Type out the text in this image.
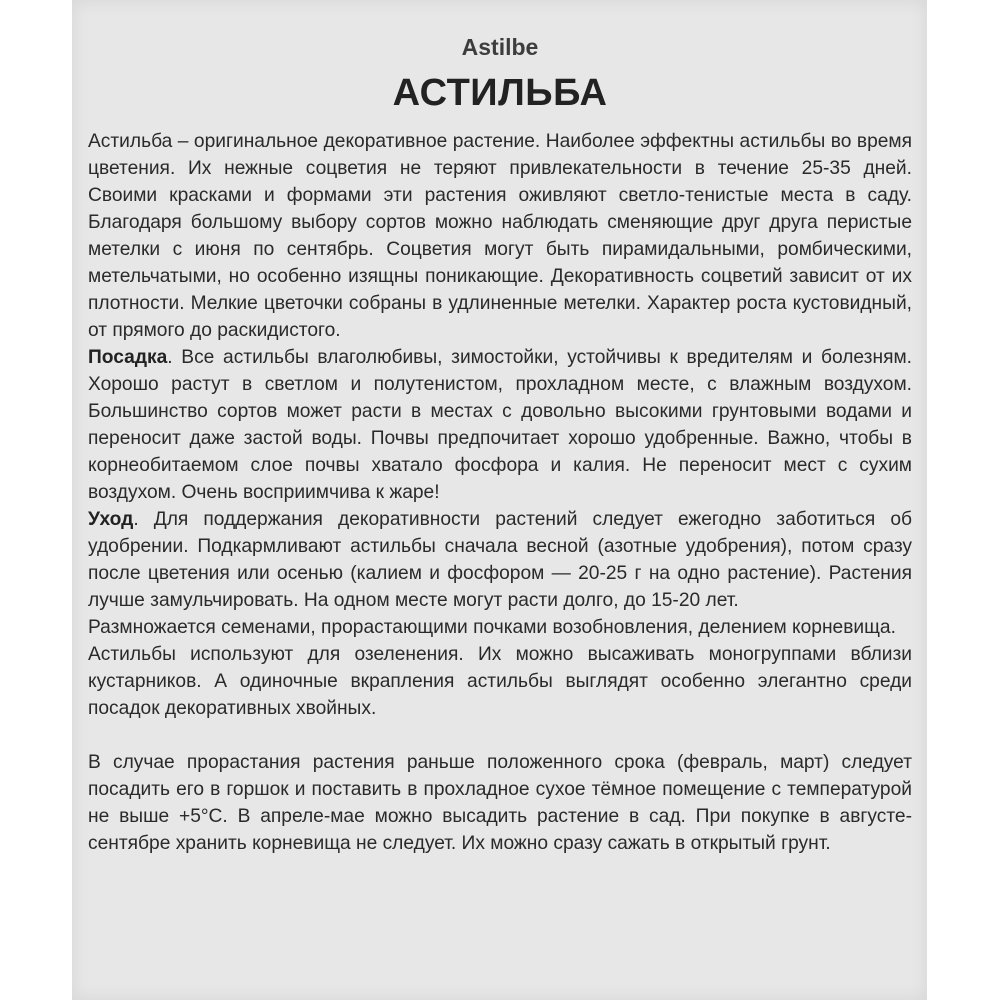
Astilbe
АСТИЛЬБА

Астильба – оригинальное декоративное растение. Наиболее эффектны астильбы во время цветения. Их нежные соцветия не теряют привлекательности в течение 25-35 дней. Своими красками и формами эти растения оживляют светло-тенистые места в саду. Благодаря большому выбору сортов можно наблюдать сменяющие друг друга перистые метелки с июня по сентябрь. Соцветия могут быть пирамидальными, ромбическими, метельчатыми, но особенно изящны поникающие. Декоративность соцветий зависит от их плотности. Мелкие цветочки собраны в удлиненные метелки. Характер роста кустовидный, от прямого до раскидистого.

Посадка. Все астильбы влаголюбивы, зимостойки, устойчивы к вредителям и болезням. Хорошо растут в светлом и полутенистом, прохладном месте, с влажным воздухом. Большинство сортов может расти в местах с довольно высокими грунтовыми водами и переносит даже застой воды. Почвы предпочитает хорошо удобренные. Важно, чтобы в корнеобитаемом слое почвы хватало фосфора и калия. Не переносит мест с сухим воздухом. Очень восприимчива к жаре!

Уход. Для поддержания декоративности растений следует ежегодно заботиться об удобрении. Подкармливают астильбы сначала весной (азотные удобрения), потом сразу после цветения или осенью (калием и фосфором — 20-25 г на одно растение). Растения лучше замульчировать. На одном месте могут расти долго, до 15-20 лет.

Размножается семенами, прорастающими почками возобновления, делением корневища.

Астильбы используют для озеленения. Их можно высаживать моногруппами вблизи кустарников. А одиночные вкрапления астильбы выглядят особенно элегантно среди посадок декоративных хвойных.

В случае прорастания растения раньше положенного срока (февраль, март) следует посадить его в горшок и поставить в прохладное сухое тёмное помещение с температурой не выше +5°С. В апреле-мае можно высадить растение в сад. При покупке в августе-сентябре хранить корневища не следует. Их можно сразу сажать в открытый грунт.
